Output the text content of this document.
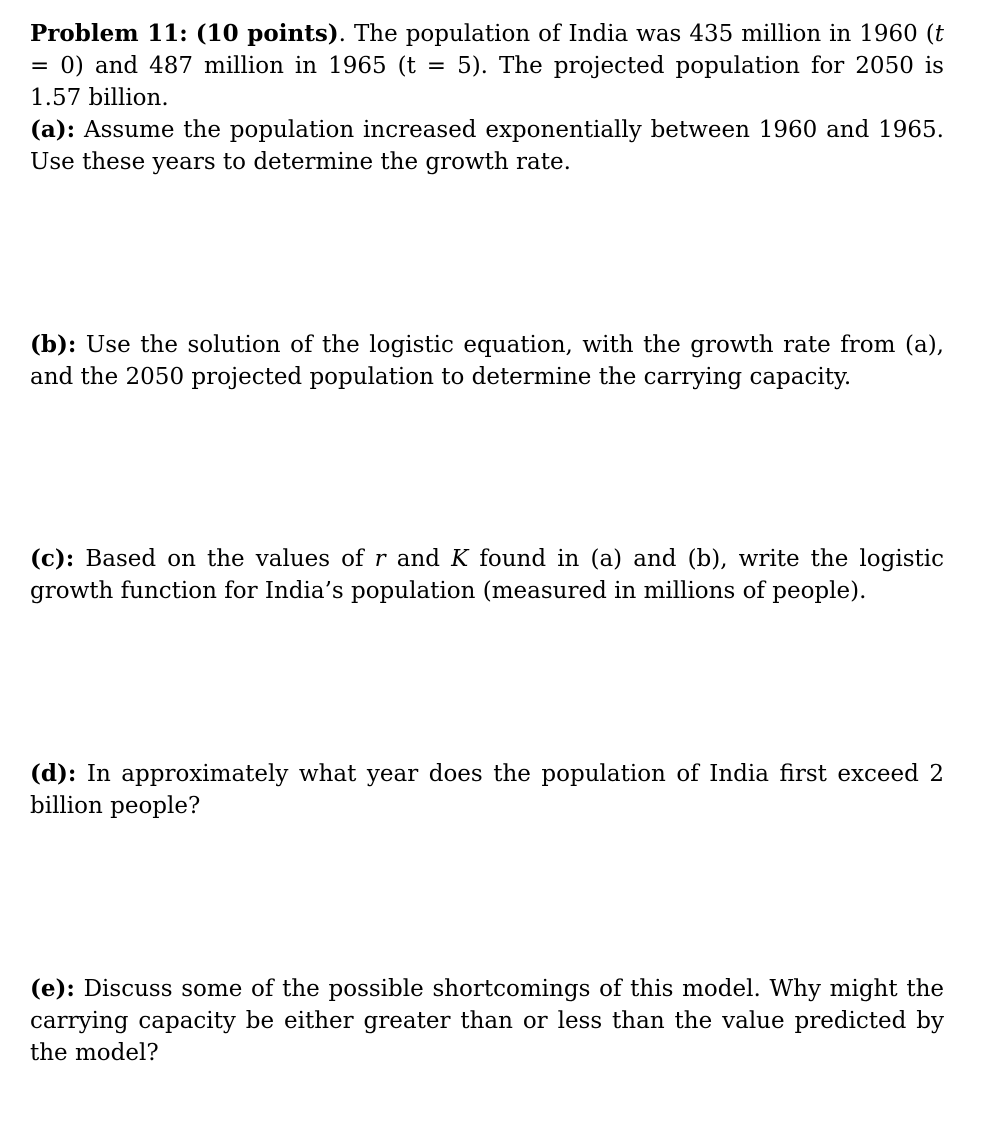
Problem 11: (10 points). The population of India was 435 million in 1960 (t = 0) and 487 million in 1965 (t = 5). The projected population for 2050 is 1.57 billion.

(a): Assume the population increased exponentially between 1960 and 1965. Use these years to determine the growth rate.

(b): Use the solution of the logistic equation, with the growth rate from (a), and the 2050 projected population to determine the carrying capacity.

(c): Based on the values of r and K found in (a) and (b), write the logistic growth function for India’s population (measured in millions of people).

(d): In approximately what year does the population of India first exceed 2 billion people?

(e): Discuss some of the possible shortcomings of this model. Why might the carrying capacity be either greater than or less than the value predicted by the model?
